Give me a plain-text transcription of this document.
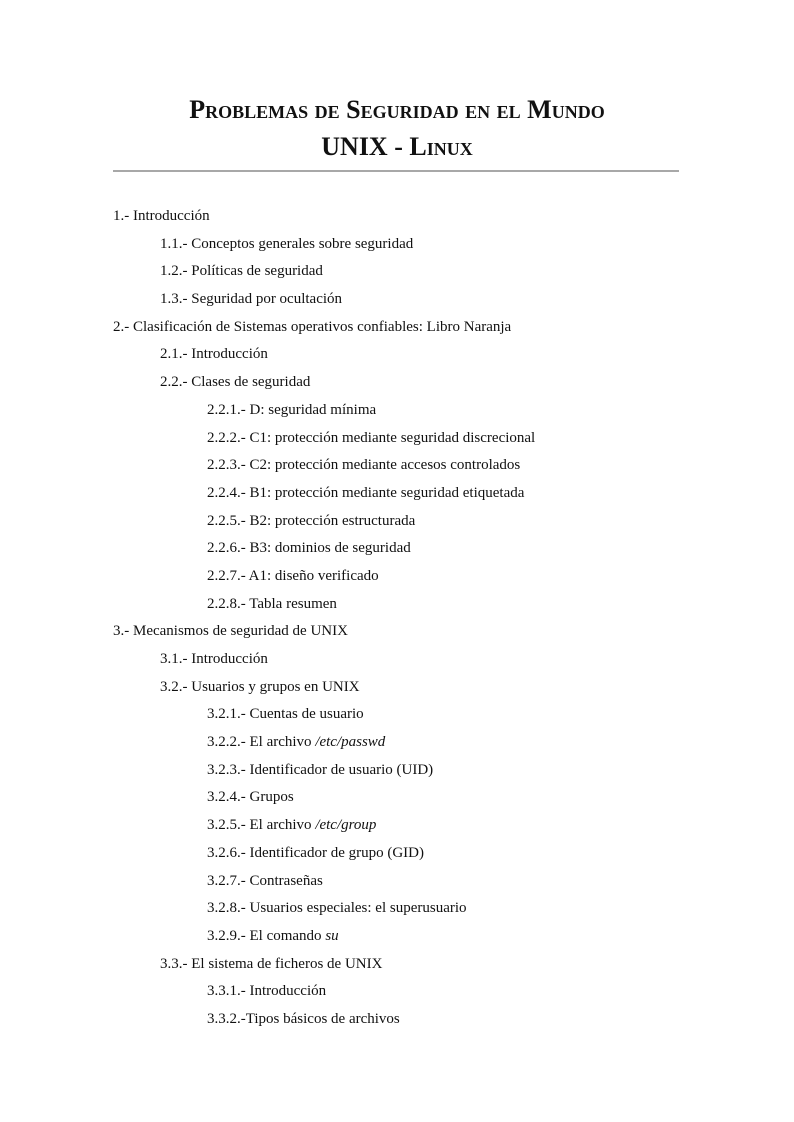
Problemas de Seguridad en el Mundo
UNIX - Linux
1.- Introducción
1.1.- Conceptos generales sobre seguridad
1.2.- Políticas de seguridad
1.3.- Seguridad por ocultación
2.- Clasificación de Sistemas operativos confiables: Libro Naranja
2.1.- Introducción
2.2.- Clases de seguridad
2.2.1.- D: seguridad mínima
2.2.2.- C1: protección mediante seguridad discrecional
2.2.3.- C2: protección mediante accesos controlados
2.2.4.- B1: protección mediante seguridad etiquetada
2.2.5.- B2: protección estructurada
2.2.6.- B3: dominios de seguridad
2.2.7.- A1: diseño verificado
2.2.8.- Tabla resumen
3.- Mecanismos de seguridad de UNIX
3.1.- Introducción
3.2.- Usuarios y grupos en UNIX
3.2.1.- Cuentas de usuario
3.2.2.- El archivo /etc/passwd
3.2.3.- Identificador de usuario (UID)
3.2.4.- Grupos
3.2.5.- El archivo /etc/group
3.2.6.- Identificador de grupo (GID)
3.2.7.- Contraseñas
3.2.8.- Usuarios especiales: el superusuario
3.2.9.- El comando su
3.3.- El sistema de ficheros de UNIX
3.3.1.- Introducción
3.3.2.-Tipos básicos de archivos
